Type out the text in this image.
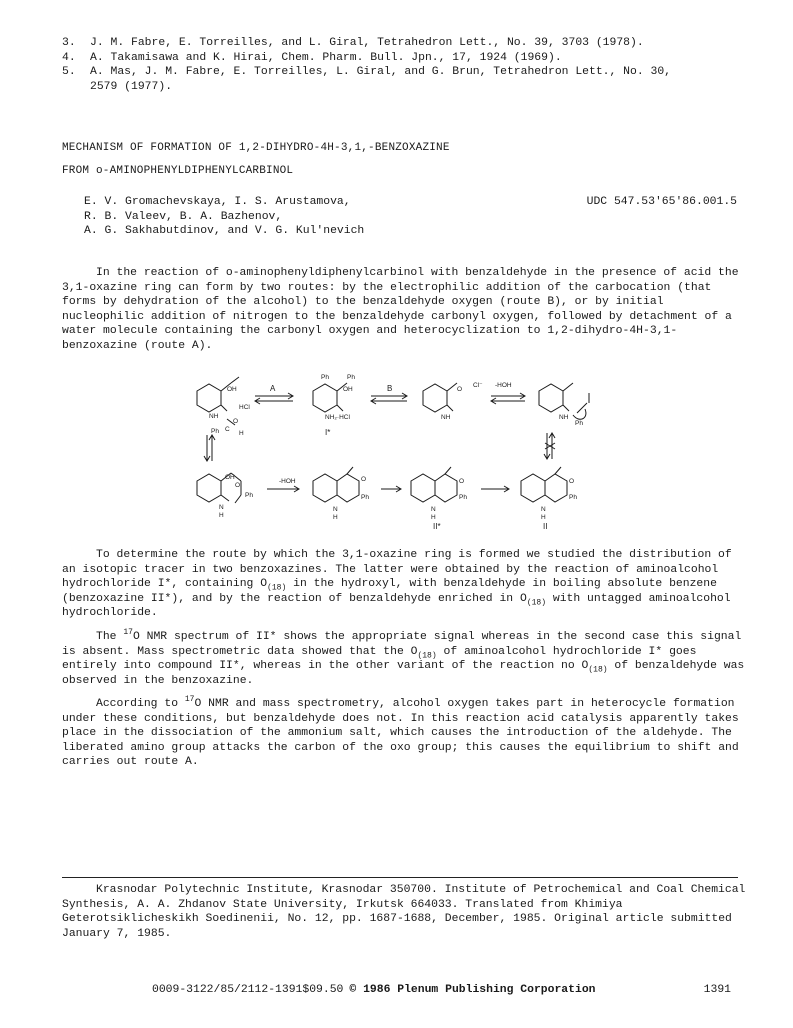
3. J. M. Fabre, E. Torreilles, and L. Giral, Tetrahedron Lett., No. 39, 3703 (1978).
4. A. Takamisawa and K. Hirai, Chem. Pharm. Bull. Jpn., 17, 1924 (1969).
5. A. Mas, J. M. Fabre, E. Torreilles, L. Giral, and G. Brun, Tetrahedron Lett., No. 30,
2579 (1977).
MECHANISM OF FORMATION OF 1,2-DIHYDRO-4H-3,1,-BENZOXAZINE
FROM o-AMINOPHENYLDIPHENYLCARBINOL
E. V. Gromachevskaya, I. S. Arustamova,
R. B. Valeev, B. A. Bazhenov,
A. G. Sakhabutdinov, and V. G. Kul'nevich
UDC 547.53'65'86.001.5
In the reaction of o-aminophenyldiphenylcarbinol with benzaldehyde in the presence of acid the 3,1-oxazine ring can form by two routes: by the electrophilic addition of the carbocation (that forms by dehydration of the alcohol) to the benzaldehyde oxygen (route B), or by initial nucleophilic addition of nitrogen to the benzaldehyde carbonyl oxygen, followed by detachment of a water molecule containing the carbonyl oxygen and heterocyclization to 1,2-dihydro-4H-3,1-benzoxazine (route A).
A	B
OH
NH
HCl
Ph C
O
H
Ph	Ph
OH
NH₂·HCl
I*
O
Cl⁻ -HOH
NH
Ph
NH
OH
O
Ph
N
H
-HOH	O
Ph
N
H
O
Ph
N
H
II*
O
Ph
N
H
II
To determine the route by which the 3,1-oxazine ring is formed we studied the distribution of an isotopic tracer in two benzoxazines. The latter were obtained by the reaction of aminoalcohol hydrochloride I*, containing $O_{(18)}$ in the hydroxyl, with benzaldehyde in boiling absolute benzene (benzoxazine II*), and by the reaction of benzaldehyde enriched in $O_{(18)}$ with untagged aminoalcohol hydrochloride.
The $^{17}$O NMR spectrum of II* shows the appropriate signal whereas in the second case this signal is absent. Mass spectrometric data showed that the $O_{(18)}$ of aminoalcohol hydrochloride I* goes entirely into compound II*, whereas in the other variant of the reaction no $O_{(18)}$ of benzaldehyde was observed in the benzoxazine.
According to $^{17}$O NMR and mass spectrometry, alcohol oxygen takes part in heterocycle formation under these conditions, but benzaldehyde does not. In this reaction acid catalysis apparently takes place in the dissociation of the ammonium salt, which causes the introduction of the aldehyde. The liberated amino group attacks the carbon of the oxo group; this causes the equilibrium to shift and carries out route A.
Krasnodar Polytechnic Institute, Krasnodar 350700. Institute of Petrochemical and Coal Chemical Synthesis, A. A. Zhdanov State University, Irkutsk 664033. Translated from Khimiya Geterotsiklicheskikh Soedinenii, No. 12, pp. 1687-1688, December, 1985. Original article submitted January 7, 1985.
0009-3122/85/2112-1391$09.50 © 1986 Plenum Publishing Corporation	1391
